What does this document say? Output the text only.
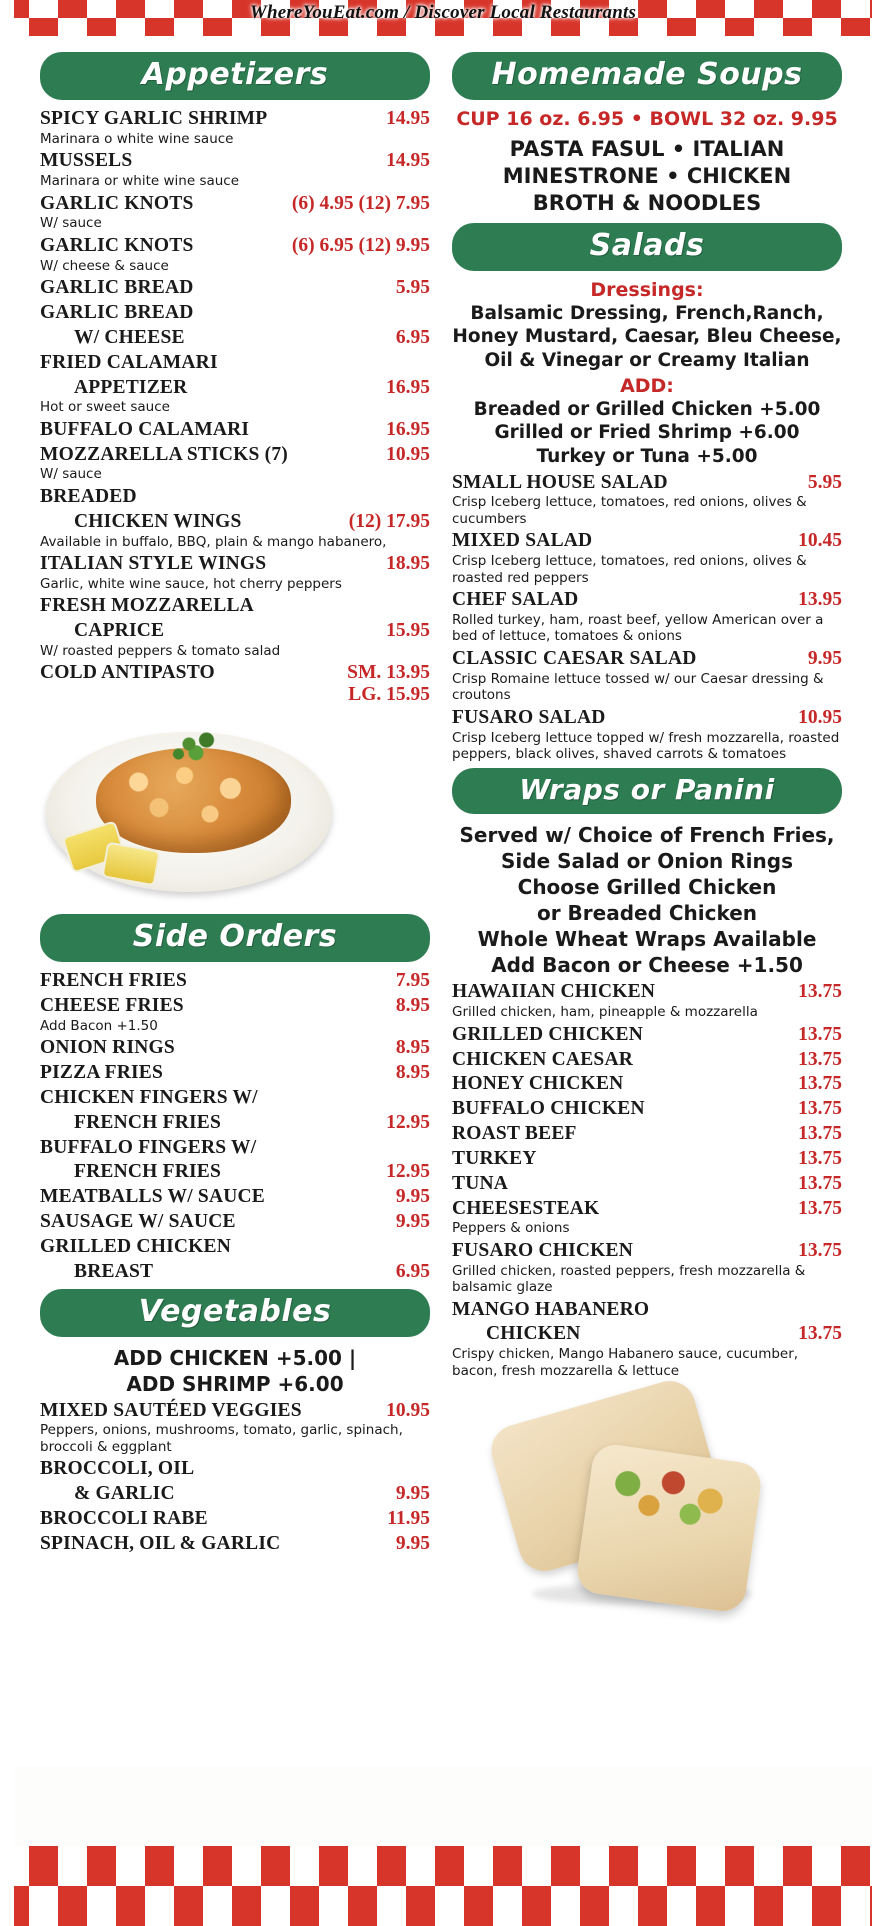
WhereYouEat.com / Discover Local Restaurants
Appetizers
SPICY GARLIC SHRIMP	14.95
Marinara o white wine sauce
MUSSELS	14.95
Marinara or white wine sauce
GARLIC KNOTS	(6) 4.95 (12) 7.95
W/ sauce
GARLIC KNOTS	(6) 6.95 (12) 9.95
W/ cheese & sauce
GARLIC BREAD	5.95
GARLIC BREAD
W/ CHEESE	6.95
FRIED CALAMARI
APPETIZER	16.95
Hot or sweet sauce
BUFFALO CALAMARI	16.95
MOZZARELLA STICKS (7)	10.95
W/ sauce
BREADED
CHICKEN WINGS	(12) 17.95
Available in buffalo, BBQ, plain & mango habanero,
ITALIAN STYLE WINGS	18.95
Garlic, white wine sauce, hot cherry peppers
FRESH MOZZARELLA
CAPRICE	15.95
W/ roasted peppers & tomato salad
COLD ANTIPASTO	SM. 13.95
LG. 15.95
Side Orders
FRENCH FRIES	7.95
CHEESE FRIES	8.95
Add Bacon +1.50
ONION RINGS	8.95
PIZZA FRIES	8.95
CHICKEN FINGERS W/
FRENCH FRIES	12.95
BUFFALO FINGERS W/
FRENCH FRIES	12.95
MEATBALLS W/ SAUCE	9.95
SAUSAGE W/ SAUCE	9.95
GRILLED CHICKEN
BREAST	6.95
Vegetables
ADD CHICKEN +5.00 |
ADD SHRIMP +6.00
MIXED SAUTÉED VEGGIES	10.95
Peppers, onions, mushrooms, tomato, garlic, spinach, broccoli & eggplant
BROCCOLI, OIL
& GARLIC	9.95
BROCCOLI RABE	11.95
SPINACH, OIL & GARLIC	9.95
Homemade Soups
CUP 16 oz. 6.95 • BOWL 32 oz. 9.95
PASTA FASUL • ITALIAN
MINESTRONE • CHICKEN
BROTH & NOODLES
Salads
Dressings:
Balsamic Dressing, French,Ranch,
Honey Mustard, Caesar, Bleu Cheese,
Oil & Vinegar or Creamy Italian
ADD:
Breaded or Grilled Chicken +5.00
Grilled or Fried Shrimp +6.00
Turkey or Tuna +5.00
SMALL HOUSE SALAD	5.95
Crisp Iceberg lettuce, tomatoes, red onions, olives & cucumbers
MIXED SALAD	10.45
Crisp Iceberg lettuce, tomatoes, red onions, olives & roasted red peppers
CHEF SALAD	13.95
Rolled turkey, ham, roast beef, yellow American over a bed of lettuce, tomatoes & onions
CLASSIC CAESAR SALAD	9.95
Crisp Romaine lettuce tossed w/ our Caesar dressing & croutons
FUSARO SALAD	10.95
Crisp Iceberg lettuce topped w/ fresh mozzarella, roasted peppers, black olives, shaved carrots & tomatoes
Wraps or Panini
Served w/ Choice of French Fries,
Side Salad or Onion Rings
Choose Grilled Chicken
or Breaded Chicken
Whole Wheat Wraps Available
Add Bacon or Cheese +1.50
HAWAIIAN CHICKEN	13.75
Grilled chicken, ham, pineapple & mozzarella
GRILLED CHICKEN	13.75
CHICKEN CAESAR	13.75
HONEY CHICKEN	13.75
BUFFALO CHICKEN	13.75
ROAST BEEF	13.75
TURKEY	13.75
TUNA	13.75
CHEESESTEAK	13.75
Peppers & onions
FUSARO CHICKEN	13.75
Grilled chicken, roasted peppers, fresh mozzarella & balsamic glaze
MANGO HABANERO
CHICKEN	13.75
Crispy chicken, Mango Habanero sauce, cucumber, bacon, fresh mozzarella & lettuce
